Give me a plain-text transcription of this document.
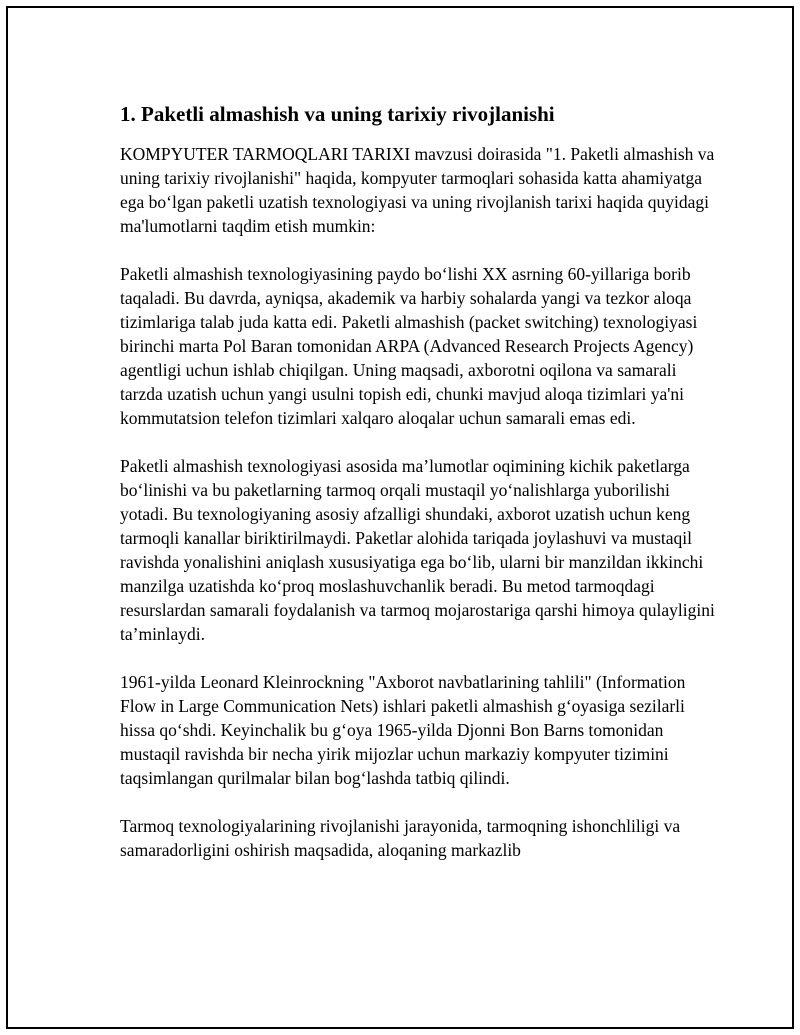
1. Paketli almashish va uning tarixiy rivojlanishi

KOMPYUTER TARMOQLARI TARIXI mavzusi doirasida "1. Paketli almashish va uning tarixiy rivojlanishi" haqida, kompyuter tarmoqlari sohasida katta ahamiyatga ega bo‘lgan paketli uzatish texnologiyasi va uning rivojlanish tarixi haqida quyidagi ma'lumotlarni taqdim etish mumkin:

Paketli almashish texnologiyasining paydo bo‘lishi XX asrning 60-yillariga borib taqaladi. Bu davrda, ayniqsa, akademik va harbiy sohalarda yangi va tezkor aloqa tizimlariga talab juda katta edi. Paketli almashish (packet switching) texnologiyasi birinchi marta Pol Baran tomonidan ARPA (Advanced Research Projects Agency) agentligi uchun ishlab chiqilgan. Uning maqsadi, axborotni oqilona va samarali tarzda uzatish uchun yangi usulni topish edi, chunki mavjud aloqa tizimlari ya'ni kommutatsion telefon tizimlari xalqaro aloqalar uchun samarali emas edi.

Paketli almashish texnologiyasi asosida ma’lumotlar oqimining kichik paketlarga bo‘linishi va bu paketlarning tarmoq orqali mustaqil yo‘nalishlarga yuborilishi yotadi. Bu texnologiyaning asosiy afzalligi shundaki, axborot uzatish uchun keng tarmoqli kanallar biriktirilmaydi. Paketlar alohida tariqada joylashuvi va mustaqil ravishda yonalishini aniqlash xususiyatiga ega bo‘lib, ularni bir manzildan ikkinchi manzilga uzatishda ko‘proq moslashuvchanlik beradi. Bu metod tarmoqdagi resurslardan samarali foydalanish va tarmoq mojarostariga qarshi himoya qulayligini ta’minlaydi.

1961-yilda Leonard Kleinrockning "Axborot navbatlarining tahlili" (Information Flow in Large Communication Nets) ishlari paketli almashish g‘oyasiga sezilarli hissa qo‘shdi. Keyinchalik bu g‘oya 1965-yilda Djonni Bon Barns tomonidan mustaqil ravishda bir necha yirik mijozlar uchun markaziy kompyuter tizimini taqsimlangan qurilmalar bilan bog‘lashda tatbiq qilindi.

Tarmoq texnologiyalarining rivojlanishi jarayonida, tarmoqning ishonchliligi va samaradorligini oshirish maqsadida, aloqaning markazlib
